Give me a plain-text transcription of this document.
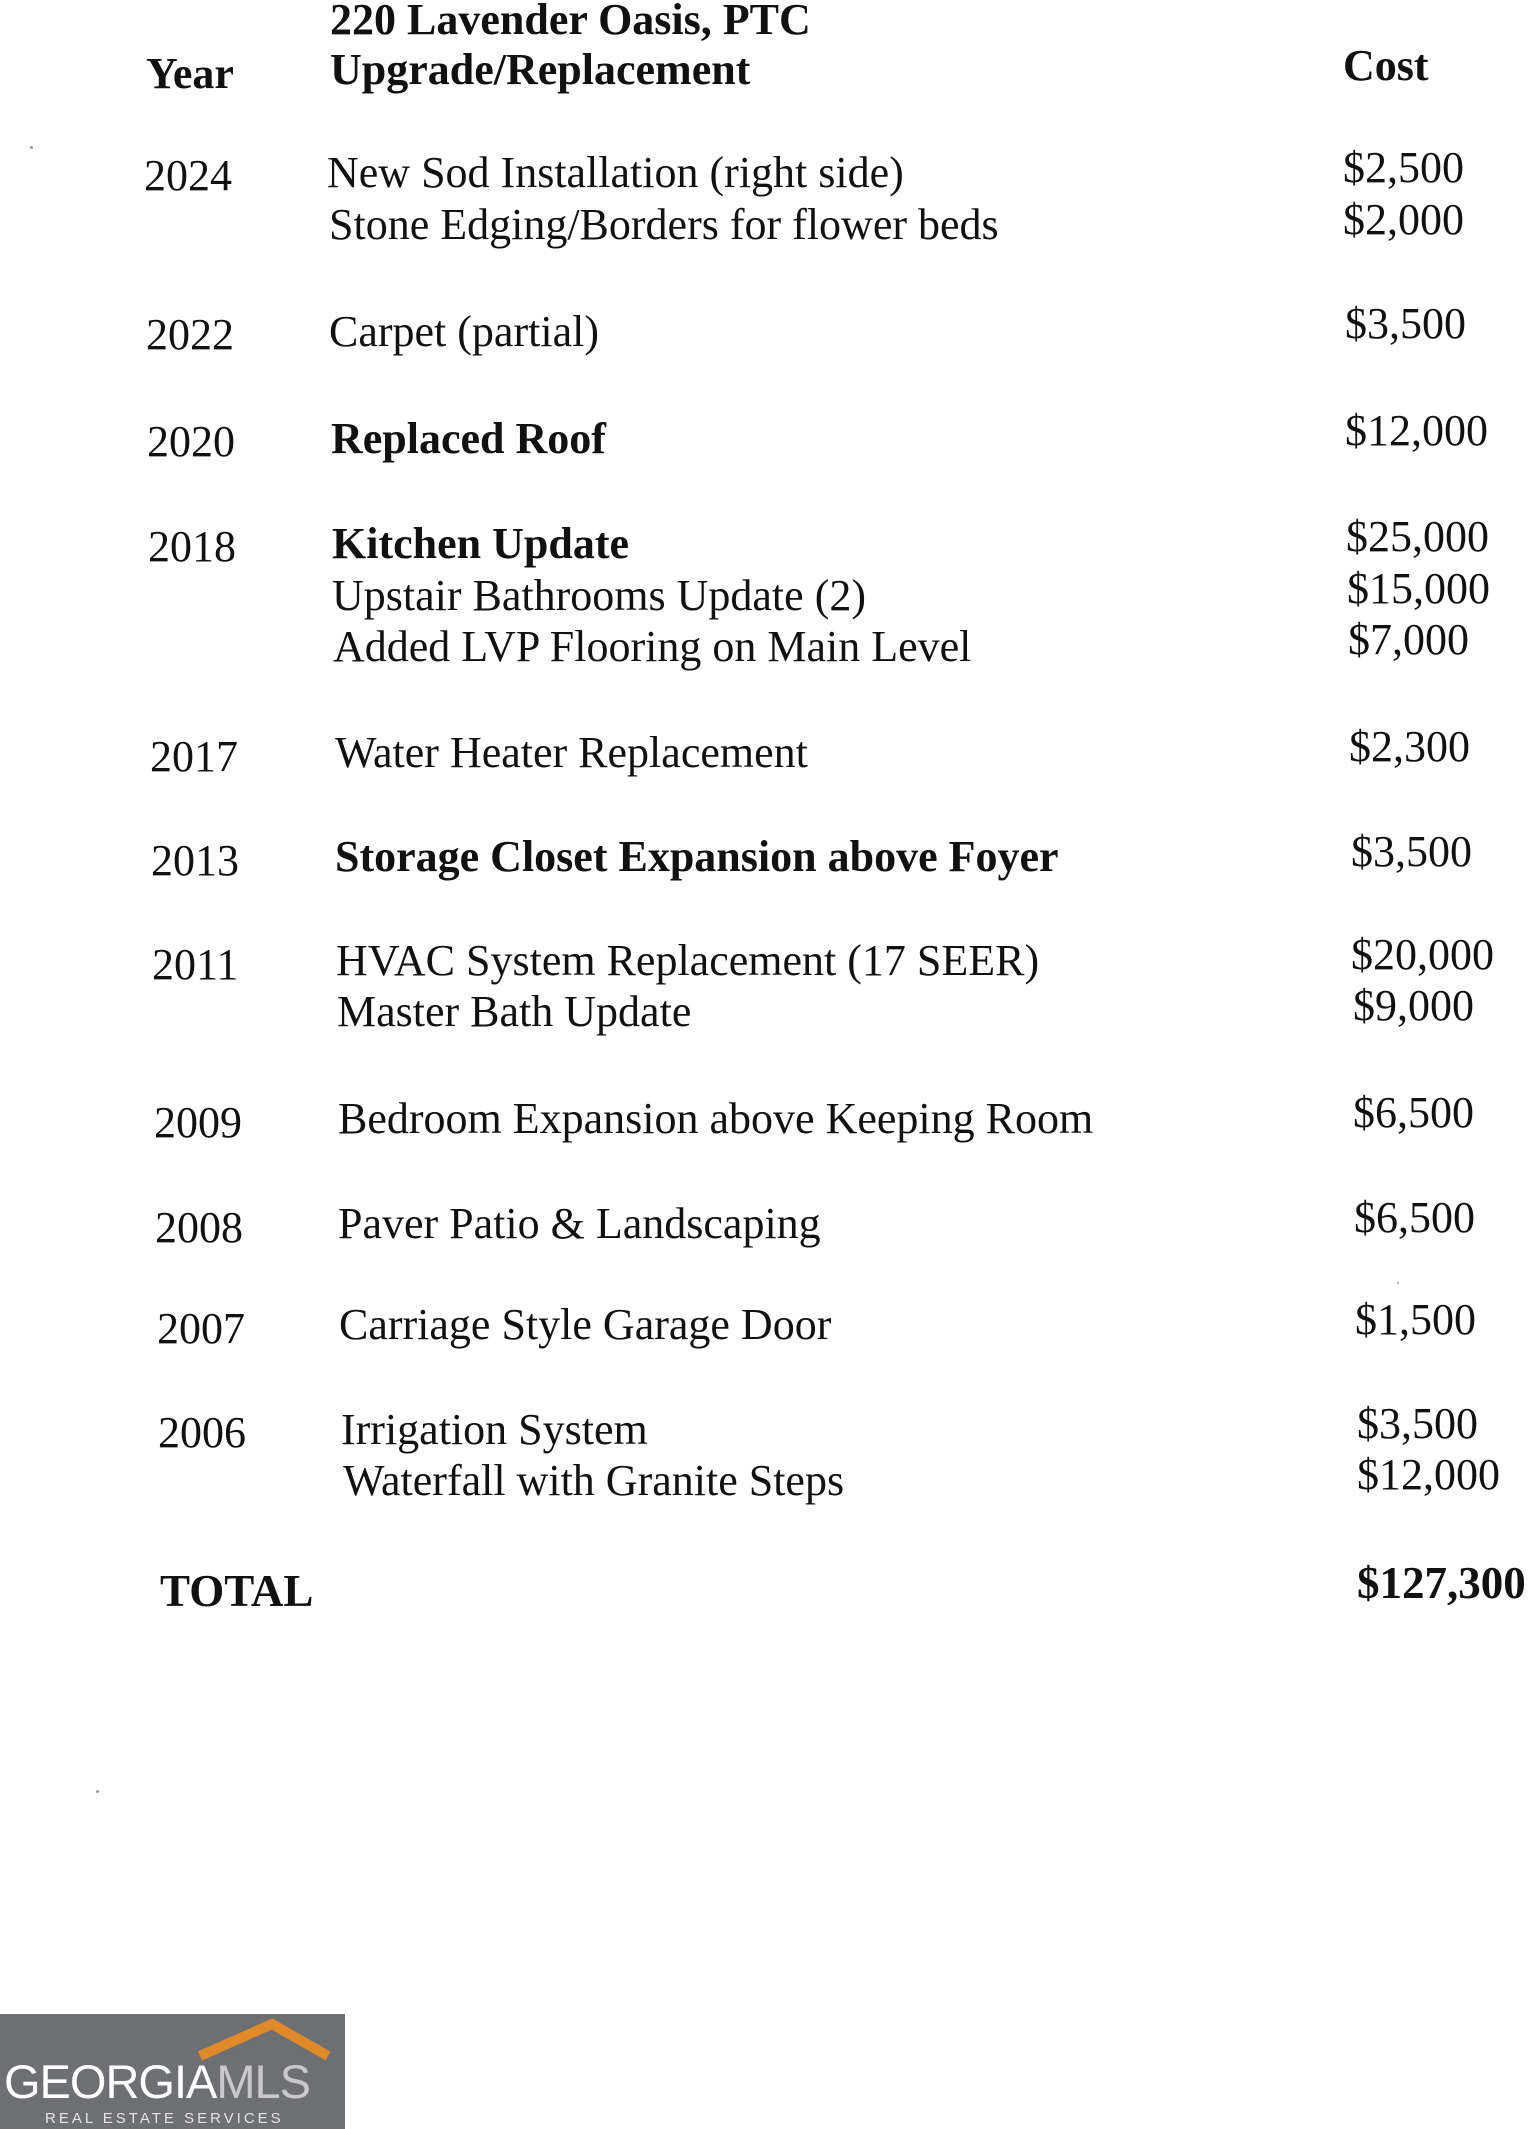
220 Lavender Oasis, PTC
Year Upgrade/Replacement	Cost
2024 New Sod Installation (right side)	$2,500
Stone Edging/Borders for flower beds	$2,000
2022 Carpet (partial)	$3,500
2020 Replaced Roof	$12,000
2018 Kitchen Update	$25,000
Upstair Bathrooms Update (2)	$15,000
Added LVP Flooring on Main Level	$7,000
2017 Water Heater Replacement	$2,300
2013 Storage Closet Expansion above Foyer	$3,500
2011 HVAC System Replacement (17 SEER)	$20,000
Master Bath Update	$9,000
2009 Bedroom Expansion above Keeping Room	$6,500
2008 Paver Patio & Landscaping	$6,500
2007 Carriage Style Garage Door	$1,500
2006 Irrigation System	$3,500
Waterfall with Granite Steps	$12,000
TOTAL	$127,300
GEORGIAMLS
REAL ESTATE SERVICES
